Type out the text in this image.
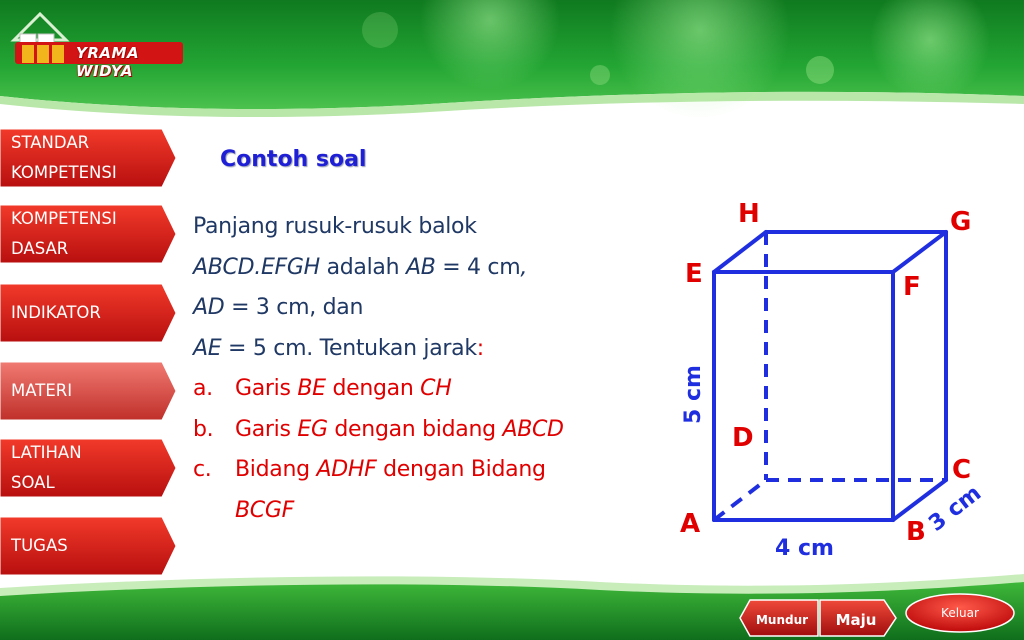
YRAMA WIDYA
STANDAR
KOMPETENSI
KOMPETENSI
DASAR
INDIKATOR
MATERI
LATIHAN
SOAL
TUGAS
Contoh soal
Panjang rusuk-rusuk balok
ABCD.EFGH adalah AB = 4 cm,
AD = 3 cm, dan
AE = 5 cm. Tentukan jarak:
a. Garis BE dengan CH
b. Garis EG dengan bidang ABCD
c. Bidang ADHF dengan Bidang
BCGF
H	G
E	F
D
C
A	B
4 cm
5 cm
3 cm
Mundur Maju	Keluar
